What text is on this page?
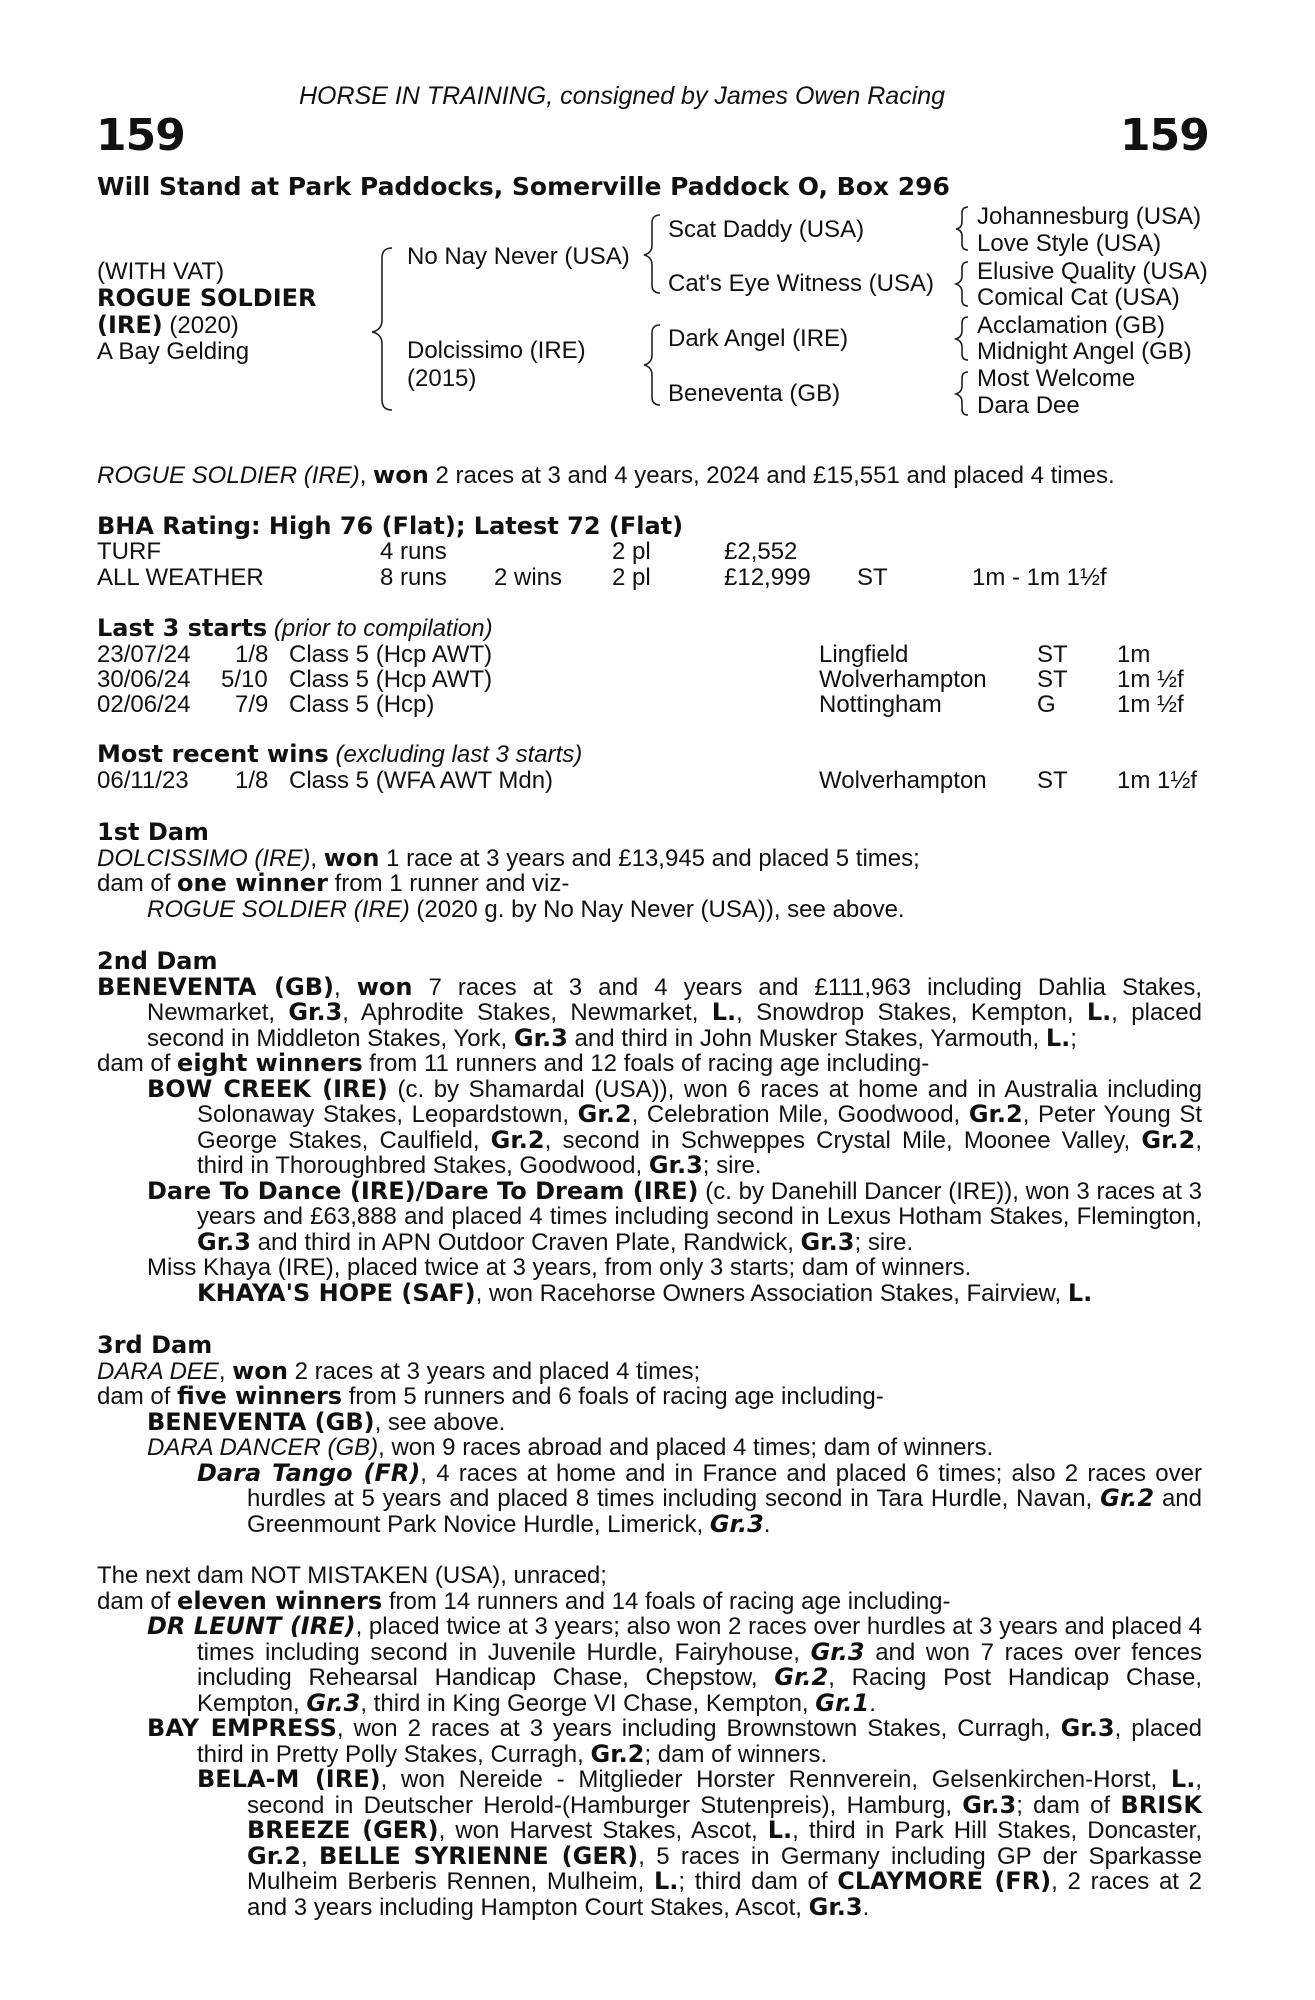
HORSE IN TRAINING, consigned by James Owen Racing
159	159
Will Stand at Park Paddocks, Somerville Paddock O, Box 296
(WITH VAT)
ROGUE SOLDIER
(IRE) (2020)
A Bay Gelding
No Nay Never (USA)
Dolcissimo (IRE)
(2015)
Scat Daddy (USA)
Cat's Eye Witness (USA)
Dark Angel (IRE)
Beneventa (GB)
Johannesburg (USA)
Love Style (USA)
Elusive Quality (USA)
Comical Cat (USA)
Acclamation (GB)
Midnight Angel (GB)
Most Welcome
Dara Dee
ROGUE SOLDIER (IRE), won 2 races at 3 and 4 years, 2024 and £15,551 and placed 4 times.
BHA Rating: High 76 (Flat); Latest 72 (Flat)
TURF	4 runs	2 pl	£2,552
ALL WEATHER	8 runs 2 wins 2 pl	£12,999 ST	1m - 1m 1½f
Last 3 starts (prior to compilation)
23/07/24 1/8 Class 5 (Hcp AWT)	Lingfield	ST 1m
30/06/24 5/10 Class 5 (Hcp AWT)	Wolverhampton ST 1m ½f
02/06/24 7/9 Class 5 (Hcp)	Nottingham	G	1m ½f
Most recent wins (excluding last 3 starts)
06/11/23 1/8 Class 5 (WFA AWT Mdn)	Wolverhampton ST 1m 1½f

1st Dam

DOLCISSIMO (IRE), won 1 race at 3 years and £13,945 and placed 5 times;

dam of one winner from 1 runner and viz-

ROGUE SOLDIER (IRE) (2020 g. by No Nay Never (USA)), see above.

2nd Dam

BENEVENTA (GB), won 7 races at 3 and 4 years and £111,963 including Dahlia Stakes, Newmarket, Gr.3, Aphrodite Stakes, Newmarket, L., Snowdrop Stakes, Kempton, L., placed second in Middleton Stakes, York, Gr.3 and third in John Musker Stakes, Yarmouth, L.;

dam of eight winners from 11 runners and 12 foals of racing age including-

BOW CREEK (IRE) (c. by Shamardal (USA)), won 6 races at home and in Australia including Solonaway Stakes, Leopardstown, Gr.2, Celebration Mile, Goodwood, Gr.2, Peter Young St George Stakes, Caulfield, Gr.2, second in Schweppes Crystal Mile, Moonee Valley, Gr.2, third in Thoroughbred Stakes, Goodwood, Gr.3; sire.

Dare To Dance (IRE)/Dare To Dream (IRE) (c. by Danehill Dancer (IRE)), won 3 races at 3 years and £63,888 and placed 4 times including second in Lexus Hotham Stakes, Flemington, Gr.3 and third in APN Outdoor Craven Plate, Randwick, Gr.3; sire.

Miss Khaya (IRE), placed twice at 3 years, from only 3 starts; dam of winners.

KHAYA'S HOPE (SAF), won Racehorse Owners Association Stakes, Fairview, L.

3rd Dam

DARA DEE, won 2 races at 3 years and placed 4 times;

dam of five winners from 5 runners and 6 foals of racing age including-

BENEVENTA (GB), see above.

DARA DANCER (GB), won 9 races abroad and placed 4 times; dam of winners.

Dara Tango (FR), 4 races at home and in France and placed 6 times; also 2 races over hurdles at 5 years and placed 8 times including second in Tara Hurdle, Navan, Gr.2 and Greenmount Park Novice Hurdle, Limerick, Gr.3.

The next dam NOT MISTAKEN (USA), unraced;

dam of eleven winners from 14 runners and 14 foals of racing age including-

DR LEUNT (IRE), placed twice at 3 years; also won 2 races over hurdles at 3 years and placed 4 times including second in Juvenile Hurdle, Fairyhouse, Gr.3 and won 7 races over fences including Rehearsal Handicap Chase, Chepstow, Gr.2, Racing Post Handicap Chase, Kempton, Gr.3, third in King George VI Chase, Kempton, Gr.1.

BAY EMPRESS, won 2 races at 3 years including Brownstown Stakes, Curragh, Gr.3, placed third in Pretty Polly Stakes, Curragh, Gr.2; dam of winners.

BELA-M (IRE), won Nereide - Mitglieder Horster Rennverein, Gelsenkirchen-Horst, L., second in Deutscher Herold-(Hamburger Stutenpreis), Hamburg, Gr.3; dam of BRISK BREEZE (GER), won Harvest Stakes, Ascot, L., third in Park Hill Stakes, Doncaster, Gr.2, BELLE SYRIENNE (GER), 5 races in Germany including GP der Sparkasse Mulheim Berberis Rennen, Mulheim, L.; third dam of CLAYMORE (FR), 2 races at 2 and 3 years including Hampton Court Stakes, Ascot, Gr.3.
